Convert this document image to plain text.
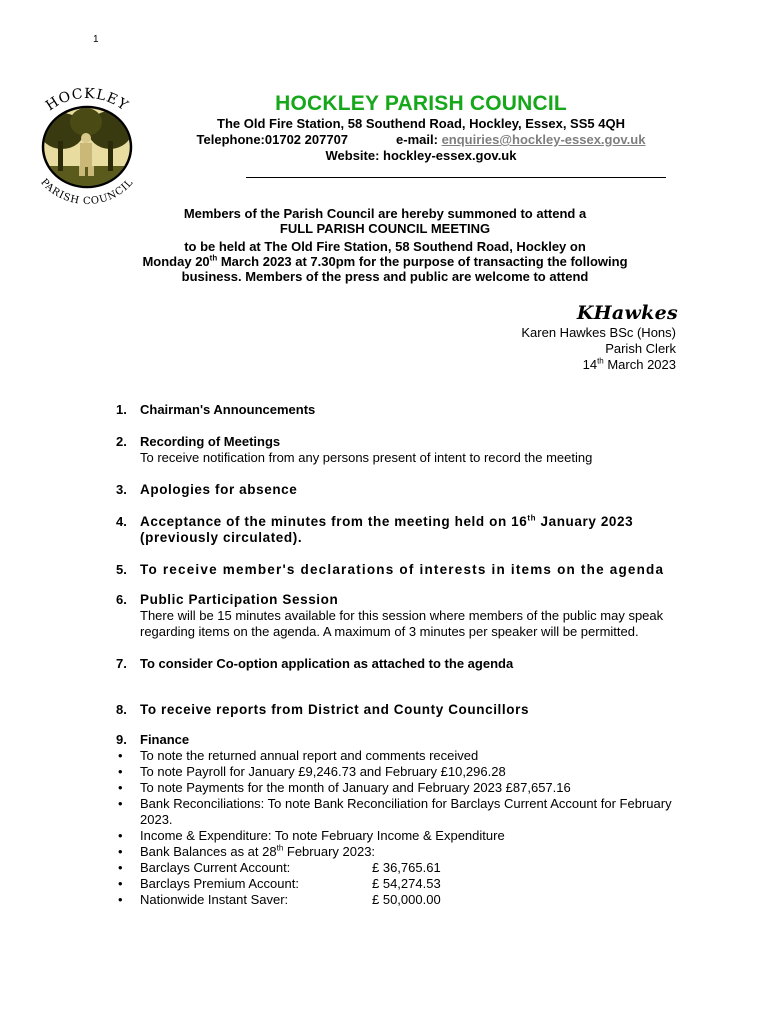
1
HOCKLEY
PARISH COUNCIL
HOCKLEY PARISH COUNCIL
The Old Fire Station, 58 Southend Road, Hockley, Essex, SS5 4QH
Telephone:01702 207707	e-mail: enquiries@hockley-essex.gov.uk
Website: hockley-essex.gov.uk
Members of the Parish Council are hereby summoned to attend a
FULL PARISH COUNCIL MEETING
to be held at The Old Fire Station, 58 Southend Road, Hockley on
Monday 20th March 2023 at 7.30pm for the purpose of transacting the following
business. Members of the press and public are welcome to attend
KHawkes
Karen Hawkes BSc (Hons)
Parish Clerk
14th March 2023
1. Chairman's Announcements
2. Recording of Meetings
To receive notification from any persons present of intent to record the meeting
3. Apologies for absence
4. Acceptance of the minutes from the meeting held on 16th January 2023 (previously circulated).
5. To receive member's declarations of interests in items on the agenda
6. Public Participation Session
There will be 15 minutes available for this session where members of the public may speak regarding items on the agenda. A maximum of 3 minutes per speaker will be permitted.
7. To consider Co-option application as attached to the agenda
8. To receive reports from District and County Councillors
9. Finance
• To note the returned annual report and comments received
• To note Payroll for January £9,246.73 and February £10,296.28
• To note Payments for the month of January and February 2023 £87,657.16
• Bank Reconciliations: To note Bank Reconciliation for Barclays Current Account for February 2023.
• Income & Expenditure: To note February Income & Expenditure
• Bank Balances as at 28th February 2023:
• Barclays Current Account:	£ 36,765.61
• Barclays Premium Account:	£ 54,274.53
• Nationwide Instant Saver:	£ 50,000.00
